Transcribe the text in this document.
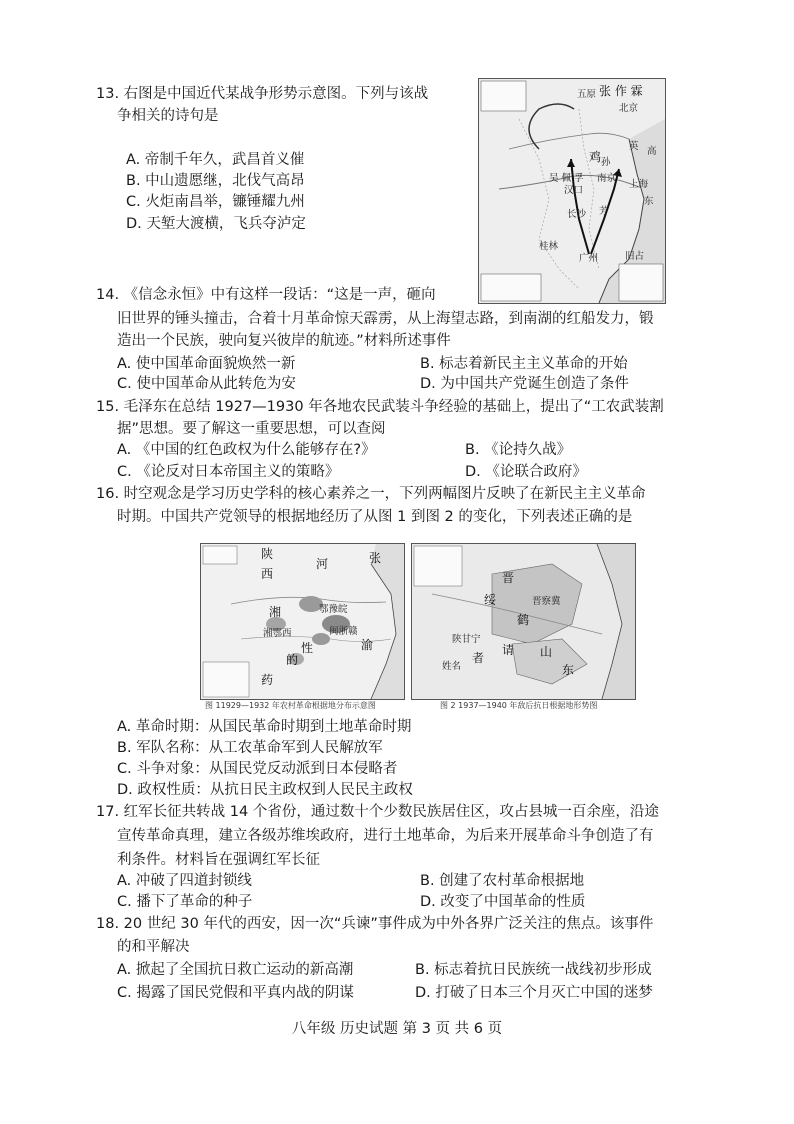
13. 右图是中国近代某战争形势示意图。下列与该战
争相关的诗句是
A. 帝制千年久，武昌首义催
B. 中山遗愿继，北伐气高昂
C. 火炬南昌举，镰锤耀九州
D. 天堑大渡横，飞兵夺泸定
张 作 霖
北京
五原
吴 佩 孚
孙
南京
上海
汉口
长沙 芳
广州
桂林
鸡
英 高
东
旧占
14. 《信念永恒》中有这样一段话：“这是一声，砸向
旧世界的锤头撞击，合着十月革命惊天霹雳，从上海望志路，到南湖的红船发力，锻
造出一个民族，驶向复兴彼岸的航迹。”材料所述事件
A. 使中国革命面貌焕然一新	B. 标志着新民主主义革命的开始
C. 使中国革命从此转危为安	D. 为中国共产党诞生创造了条件
15. 毛泽东在总结 1927—1930 年各地农民武装斗争经验的基础上，提出了“工农武装割
据”思想。要了解这一重要思想，可以查阅
A. 《中国的红色政权为什么能够存在?》	B. 《论持久战》
C. 《论反对日本帝国主义的策略》	D. 《论联合政府》
16. 时空观念是学习历史学科的核心素养之一，下列两幅图片反映了在新民主主义革命
时期。中国共产党领导的根据地经历了从图 1 到图 2 的变化，下列表述正确的是
陕
西
河	张
鄂豫皖
湘
闽浙赣
性
湘鄂西
的
药
渝
图 11929—1932 年农村革命根据地分布示意图
晋
绥
陕甘宁
晋察冀
者
东
山
姓名
请
鹤
图 2 1937—1940 年敌后抗日根据地形势图
A. 革命时期：从国民革命时期到土地革命时期
B. 军队名称：从工农革命军到人民解放军
C. 斗争对象：从国民党反动派到日本侵略者
D. 政权性质：从抗日民主政权到人民民主政权
17. 红军长征共转战 14 个省份，通过数十个少数民族居住区，攻占县城一百余座，沿途
宣传革命真理，建立各级苏维埃政府，进行土地革命，为后来开展革命斗争创造了有
利条件。材料旨在强调红军长征
A. 冲破了四道封锁线	B. 创建了农村革命根据地
C. 播下了革命的种子	D. 改变了中国革命的性质
18. 20 世纪 30 年代的西安，因一次“兵谏”事件成为中外各界广泛关注的焦点。该事件
的和平解决
A. 掀起了全国抗日救亡运动的新高潮	B. 标志着抗日民族统一战线初步形成
C. 揭露了国民党假和平真内战的阴谋	D. 打破了日本三个月灭亡中国的迷梦
八年级 历史试题 第 3 页 共 6 页
